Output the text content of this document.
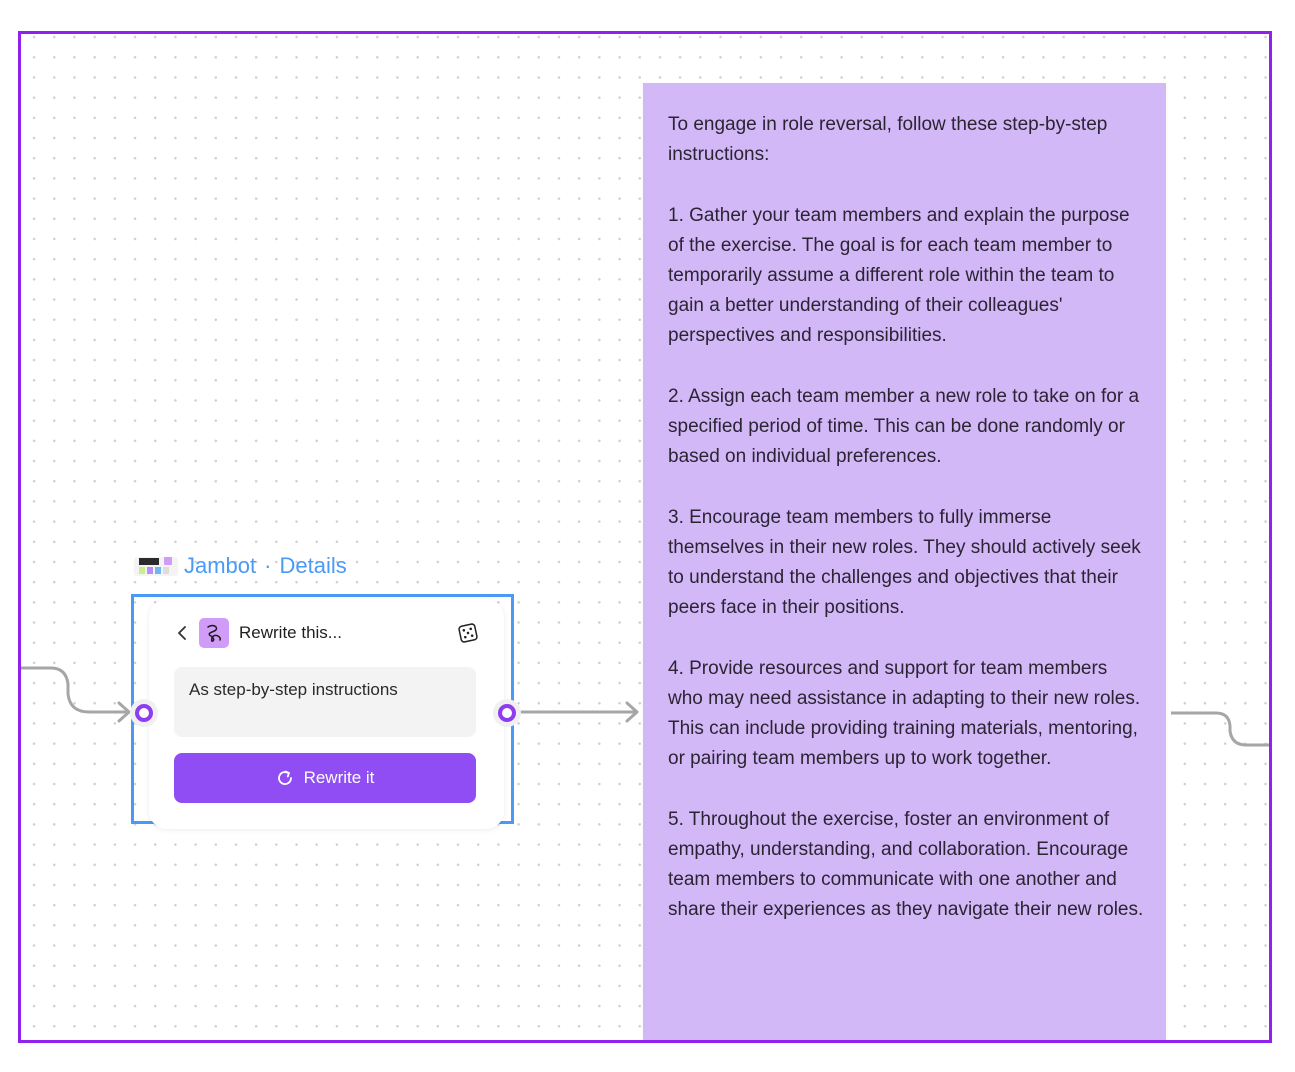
Jambot · Details
Rewrite this...
As step-by-step instructions
Rewrite it
To engage in role reversal, follow these step-by-step instructions:

1. Gather your team members and explain the purpose of the exercise. The goal is for each team member to temporarily assume a different role within the team to gain a better understanding of their colleagues' perspectives and responsibilities.

2. Assign each team member a new role to take on for a specified period of time. This can be done randomly or based on individual preferences.

3. Encourage team members to fully immerse themselves in their new roles. They should actively seek to understand the challenges and objectives that their peers face in their positions.

4. Provide resources and support for team members who may need assistance in adapting to their new roles. This can include providing training materials, mentoring, or pairing team members up to work together.

5. Throughout the exercise, foster an environment of empathy, understanding, and collaboration. Encourage team members to communicate with one another and share their experiences as they navigate their new roles.
